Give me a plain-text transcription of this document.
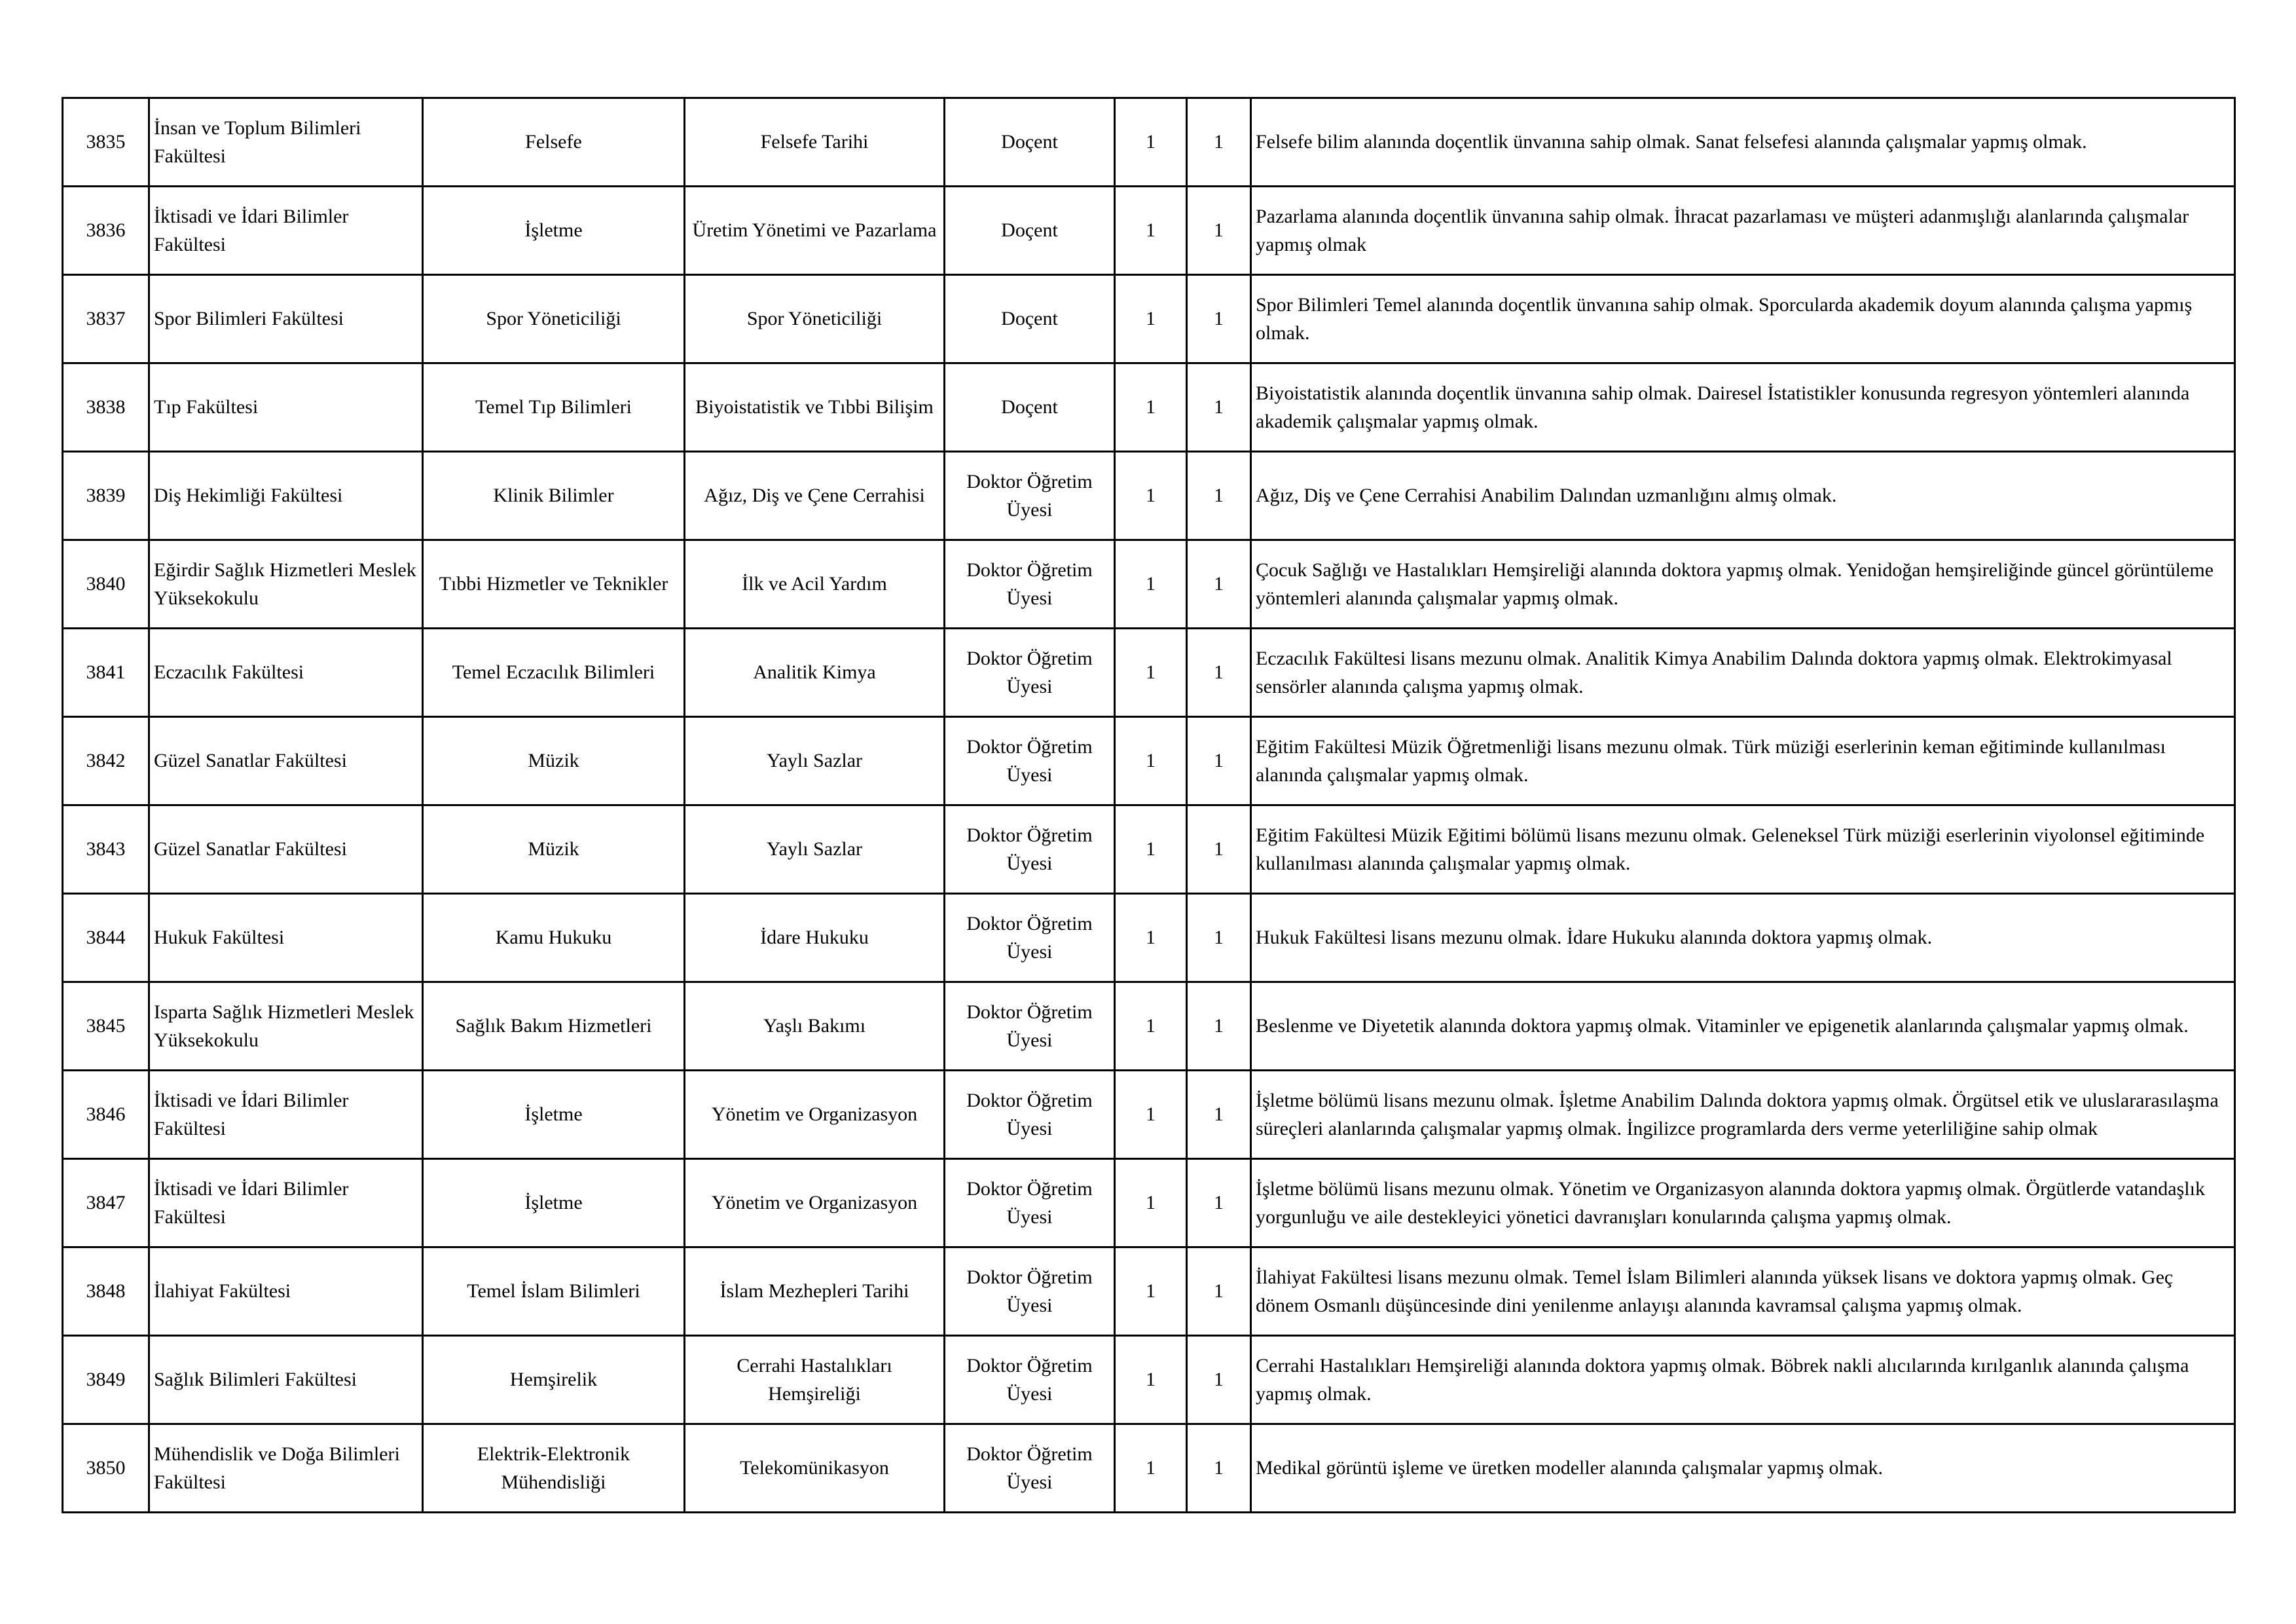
3835	İnsan ve Toplum Bilimleri Fakültesi	Felsefe	Felsefe Tarihi	Doçent	1	1	Felsefe bilim alanında doçentlik ünvanına sahip olmak. Sanat felsefesi alanında çalışmalar yapmış olmak.
3836	İktisadi ve İdari Bilimler Fakültesi	İşletme	Üretim Yönetimi ve Pazarlama	Doçent	1	1	Pazarlama alanında doçentlik ünvanına sahip olmak. İhracat pazarlaması ve müşteri adanmışlığı alanlarında çalışmalar yapmış olmak
3837	Spor Bilimleri Fakültesi	Spor Yöneticiliği	Spor Yöneticiliği	Doçent	1	1	Spor Bilimleri Temel alanında doçentlik ünvanına sahip olmak. Sporcularda akademik doyum alanında çalışma yapmış olmak.
3838	Tıp Fakültesi	Temel Tıp Bilimleri	Biyoistatistik ve Tıbbi Bilişim	Doçent	1	1	Biyoistatistik alanında doçentlik ünvanına sahip olmak. Dairesel İstatistikler konusunda regresyon yöntemleri alanında akademik çalışmalar yapmış olmak.
3839	Diş Hekimliği Fakültesi	Klinik Bilimler	Ağız, Diş ve Çene Cerrahisi	Doktor Öğretim Üyesi	1	1	Ağız, Diş ve Çene Cerrahisi Anabilim Dalından uzmanlığını almış olmak.
3840	Eğirdir Sağlık Hizmetleri Meslek Yüksekokulu	Tıbbi Hizmetler ve Teknikler	İlk ve Acil Yardım	Doktor Öğretim Üyesi	1	1	Çocuk Sağlığı ve Hastalıkları Hemşireliği alanında doktora yapmış olmak. Yenidoğan hemşireliğinde güncel görüntüleme yöntemleri alanında çalışmalar yapmış olmak.
3841	Eczacılık Fakültesi	Temel Eczacılık Bilimleri	Analitik Kimya	Doktor Öğretim Üyesi	1	1	Eczacılık Fakültesi lisans mezunu olmak. Analitik Kimya Anabilim Dalında doktora yapmış olmak. Elektrokimyasal sensörler alanında çalışma yapmış olmak.
3842	Güzel Sanatlar Fakültesi	Müzik	Yaylı Sazlar	Doktor Öğretim Üyesi	1	1	Eğitim Fakültesi Müzik Öğretmenliği lisans mezunu olmak. Türk müziği eserlerinin keman eğitiminde kullanılması alanında çalışmalar yapmış olmak.
3843	Güzel Sanatlar Fakültesi	Müzik	Yaylı Sazlar	Doktor Öğretim Üyesi	1	1	Eğitim Fakültesi Müzik Eğitimi bölümü lisans mezunu olmak. Geleneksel Türk müziği eserlerinin viyolonsel eğitiminde kullanılması alanında çalışmalar yapmış olmak.
3844	Hukuk Fakültesi	Kamu Hukuku	İdare Hukuku	Doktor Öğretim Üyesi	1	1	Hukuk Fakültesi lisans mezunu olmak. İdare Hukuku alanında doktora yapmış olmak.
3845	Isparta Sağlık Hizmetleri Meslek Yüksekokulu	Sağlık Bakım Hizmetleri	Yaşlı Bakımı	Doktor Öğretim Üyesi	1	1	Beslenme ve Diyetetik alanında doktora yapmış olmak. Vitaminler ve epigenetik alanlarında çalışmalar yapmış olmak.
3846	İktisadi ve İdari Bilimler Fakültesi	İşletme	Yönetim ve Organizasyon	Doktor Öğretim Üyesi	1	1	İşletme bölümü lisans mezunu olmak. İşletme Anabilim Dalında doktora yapmış olmak. Örgütsel etik ve uluslararasılaşma süreçleri alanlarında çalışmalar yapmış olmak. İngilizce programlarda ders verme yeterliliğine sahip olmak
3847	İktisadi ve İdari Bilimler Fakültesi	İşletme	Yönetim ve Organizasyon	Doktor Öğretim Üyesi	1	1	İşletme bölümü lisans mezunu olmak. Yönetim ve Organizasyon alanında doktora yapmış olmak. Örgütlerde vatandaşlık yorgunluğu ve aile destekleyici yönetici davranışları konularında çalışma yapmış olmak.
3848	İlahiyat Fakültesi	Temel İslam Bilimleri	İslam Mezhepleri Tarihi	Doktor Öğretim Üyesi	1	1	İlahiyat Fakültesi lisans mezunu olmak. Temel İslam Bilimleri alanında yüksek lisans ve doktora yapmış olmak. Geç dönem Osmanlı düşüncesinde dini yenilenme anlayışı alanında kavramsal çalışma yapmış olmak.
3849	Sağlık Bilimleri Fakültesi	Hemşirelik	Cerrahi Hastalıkları Hemşireliği	Doktor Öğretim Üyesi	1	1	Cerrahi Hastalıkları Hemşireliği alanında doktora yapmış olmak. Böbrek nakli alıcılarında kırılganlık alanında çalışma yapmış olmak.
3850	Mühendislik ve Doğa Bilimleri Fakültesi	Elektrik-Elektronik Mühendisliği	Telekomünikasyon	Doktor Öğretim Üyesi	1	1	Medikal görüntü işleme ve üretken modeller alanında çalışmalar yapmış olmak.
